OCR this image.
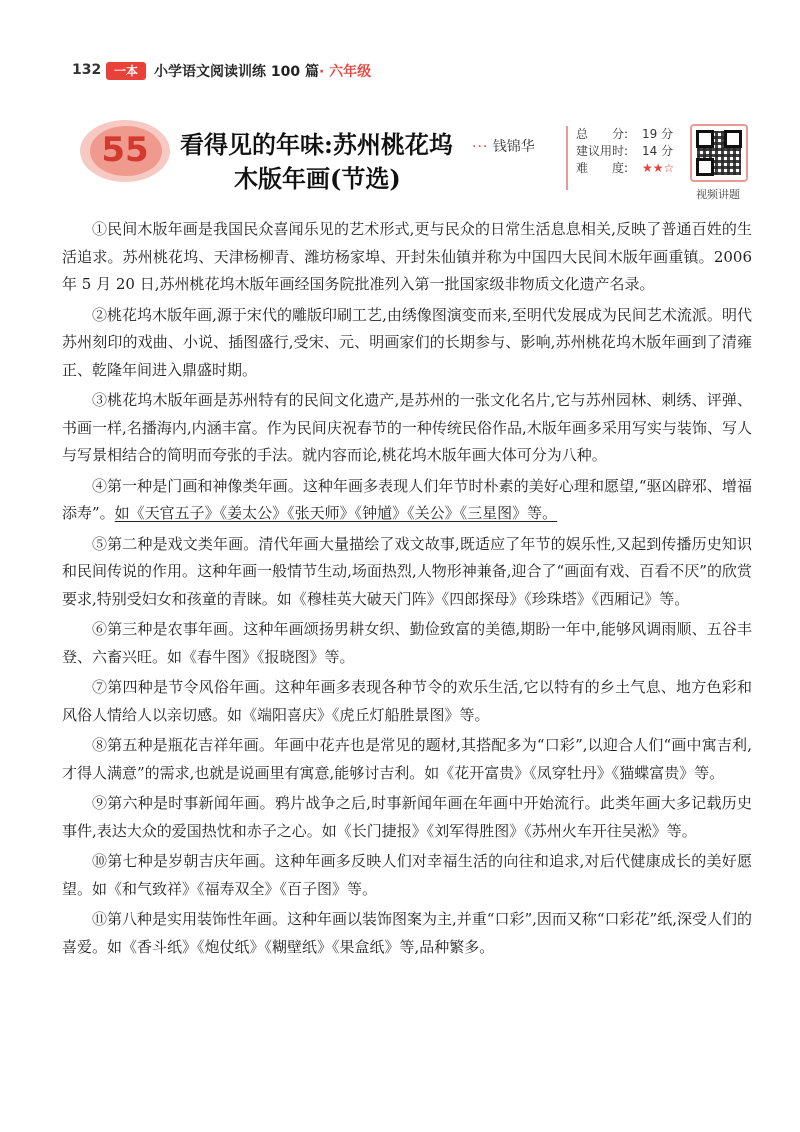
132	一本	小学语文阅读训练 100 篇· 六年级
55	看得见的年味:苏州桃花坞
木版年画(节选)
··· 钱锦华
总　　分: 19 分
建议用时: 14 分
难　　度: ★★☆
视频讲题

①民间木版年画是我国民众喜闻乐见的艺术形式,更与民众的日常生活息息相关,反映了普通百姓的生活追求。苏州桃花坞、天津杨柳青、潍坊杨家埠、开封朱仙镇并称为中国四大民间木版年画重镇。2006 年 5 月 20 日,苏州桃花坞木版年画经国务院批准列入第一批国家级非物质文化遗产名录。

②桃花坞木版年画,源于宋代的雕版印刷工艺,由绣像图演变而来,至明代发展成为民间艺术流派。明代苏州刻印的戏曲、小说、插图盛行,受宋、元、明画家们的长期参与、影响,苏州桃花坞木版年画到了清雍正、乾隆年间进入鼎盛时期。

③桃花坞木版年画是苏州特有的民间文化遗产,是苏州的一张文化名片,它与苏州园林、刺绣、评弹、书画一样,名播海内,内涵丰富。作为民间庆祝春节的一种传统民俗作品,木版年画多采用写实与装饰、写人与写景相结合的简明而夸张的手法。就内容而论,桃花坞木版年画大体可分为八种。

④第一种是门画和神像类年画。这种年画多表现人们年节时朴素的美好心理和愿望,“驱凶辟邪、增福添寿”。如《天官五子》《姜太公》《张天师》《钟馗》《关公》《三星图》等。

⑤第二种是戏文类年画。清代年画大量描绘了戏文故事,既适应了年节的娱乐性,又起到传播历史知识和民间传说的作用。这种年画一般情节生动,场面热烈,人物形神兼备,迎合了“画面有戏、百看不厌”的欣赏要求,特别受妇女和孩童的青睐。如《穆桂英大破天门阵》《四郎探母》《珍珠塔》《西厢记》等。

⑥第三种是农事年画。这种年画颂扬男耕女织、勤俭致富的美德,期盼一年中,能够风调雨顺、五谷丰登、六畜兴旺。如《春牛图》《报晓图》等。

⑦第四种是节令风俗年画。这种年画多表现各种节令的欢乐生活,它以特有的乡土气息、地方色彩和风俗人情给人以亲切感。如《端阳喜庆》《虎丘灯船胜景图》等。

⑧第五种是瓶花吉祥年画。年画中花卉也是常见的题材,其搭配多为“口彩”,以迎合人们“画中寓吉利,才得人满意”的需求,也就是说画里有寓意,能够讨吉利。如《花开富贵》《凤穿牡丹》《猫蝶富贵》等。

⑨第六种是时事新闻年画。鸦片战争之后,时事新闻年画在年画中开始流行。此类年画大多记载历史事件,表达大众的爱国热忱和赤子之心。如《长门捷报》《刘军得胜图》《苏州火车开往吴淞》等。

⑩第七种是岁朝吉庆年画。这种年画多反映人们对幸福生活的向往和追求,对后代健康成长的美好愿望。如《和气致祥》《福寿双全》《百子图》等。

⑪第八种是实用装饰性年画。这种年画以装饰图案为主,并重“口彩”,因而又称“口彩花”纸,深受人们的喜爱。如《香斗纸》《炮仗纸》《糊壁纸》《果盒纸》等,品种繁多。
